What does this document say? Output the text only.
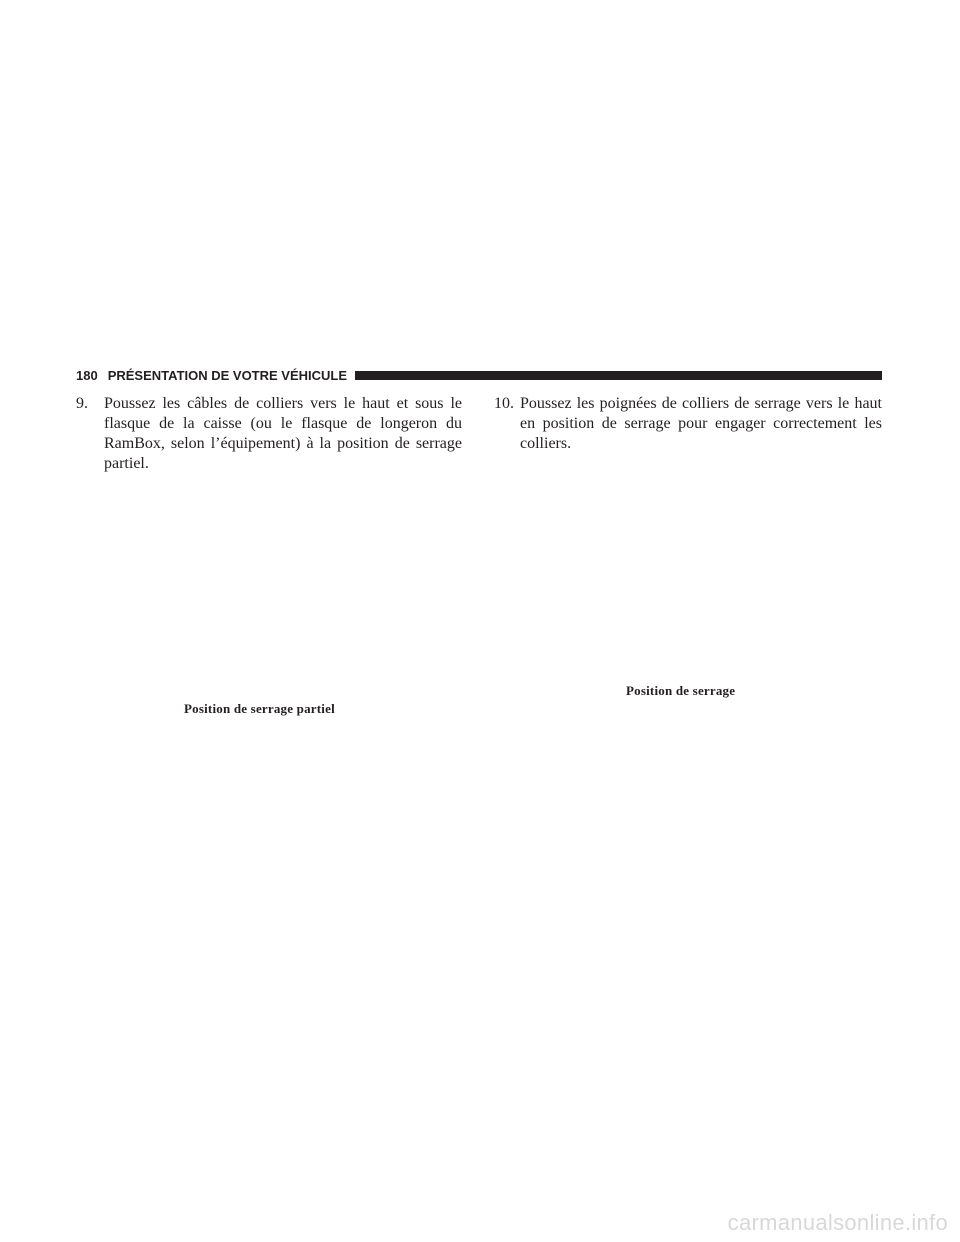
180 PRÉSENTATION DE VOTRE VÉHICULE
9.	Poussez les câbles de colliers vers le haut et sous le flasque de la caisse (ou le flasque de longeron du RamBox, selon l’équipement) à la position de serrage partiel.
10. Poussez les poignées de colliers de serrage vers le haut en position de serrage pour engager correctement les colliers.
Position de serrage partiel
Position de serrage
carmanualsonline.info
